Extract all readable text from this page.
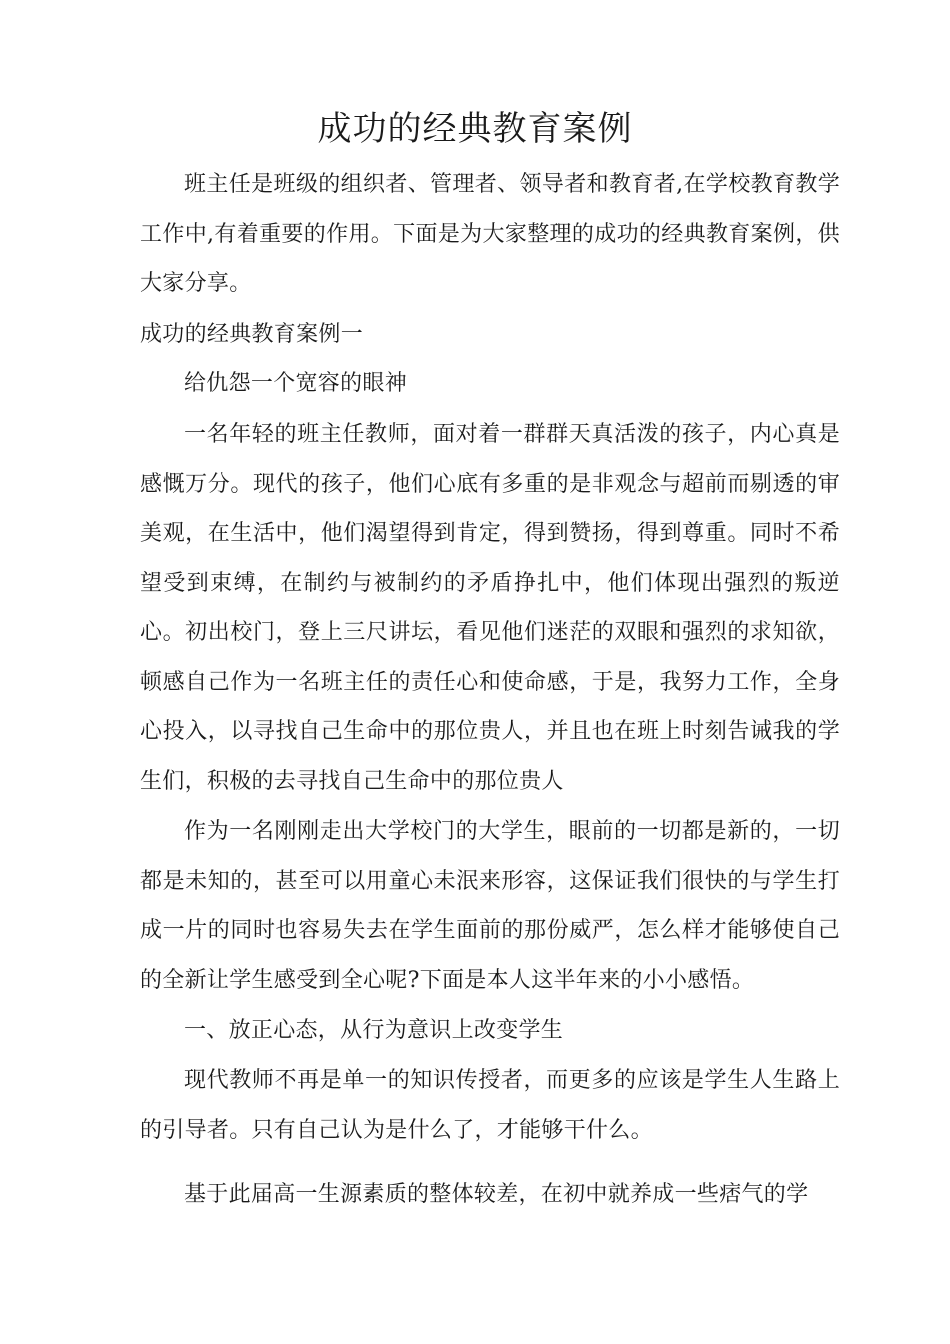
成功的经典教育案例
班主任是班级的组织者、管理者、领导者和教育者,在学校教育教学工作中,有着重要的作用。下面是为大家整理的成功的经典教育案例，供大家分享。
成功的经典教育案例一
给仇怨一个宽容的眼神
一名年轻的班主任教师，面对着一群群天真活泼的孩子，内心真是感慨万分。现代的孩子，他们心底有多重的是非观念与超前而剔透的审美观，在生活中，他们渴望得到肯定，得到赞扬，得到尊重。同时不希望受到束缚，在制约与被制约的矛盾挣扎中，他们体现出强烈的叛逆心。初出校门，登上三尺讲坛，看见他们迷茫的双眼和强烈的求知欲，顿感自己作为一名班主任的责任心和使命感，于是，我努力工作，全身心投入，以寻找自己生命中的那位贵人，并且也在班上时刻告诫我的学生们，积极的去寻找自己生命中的那位贵人
作为一名刚刚走出大学校门的大学生，眼前的一切都是新的，一切都是未知的，甚至可以用童心未泯来形容，这保证我们很快的与学生打成一片的同时也容易失去在学生面前的那份威严，怎么样才能够使自己的全新让学生感受到全心呢?下面是本人这半年来的小小感悟。
一、放正心态，从行为意识上改变学生
现代教师不再是单一的知识传授者，而更多的应该是学生人生路上的引导者。只有自己认为是什么了，才能够干什么。
基于此届高一生源素质的整体较差，在初中就养成一些痞气的学
